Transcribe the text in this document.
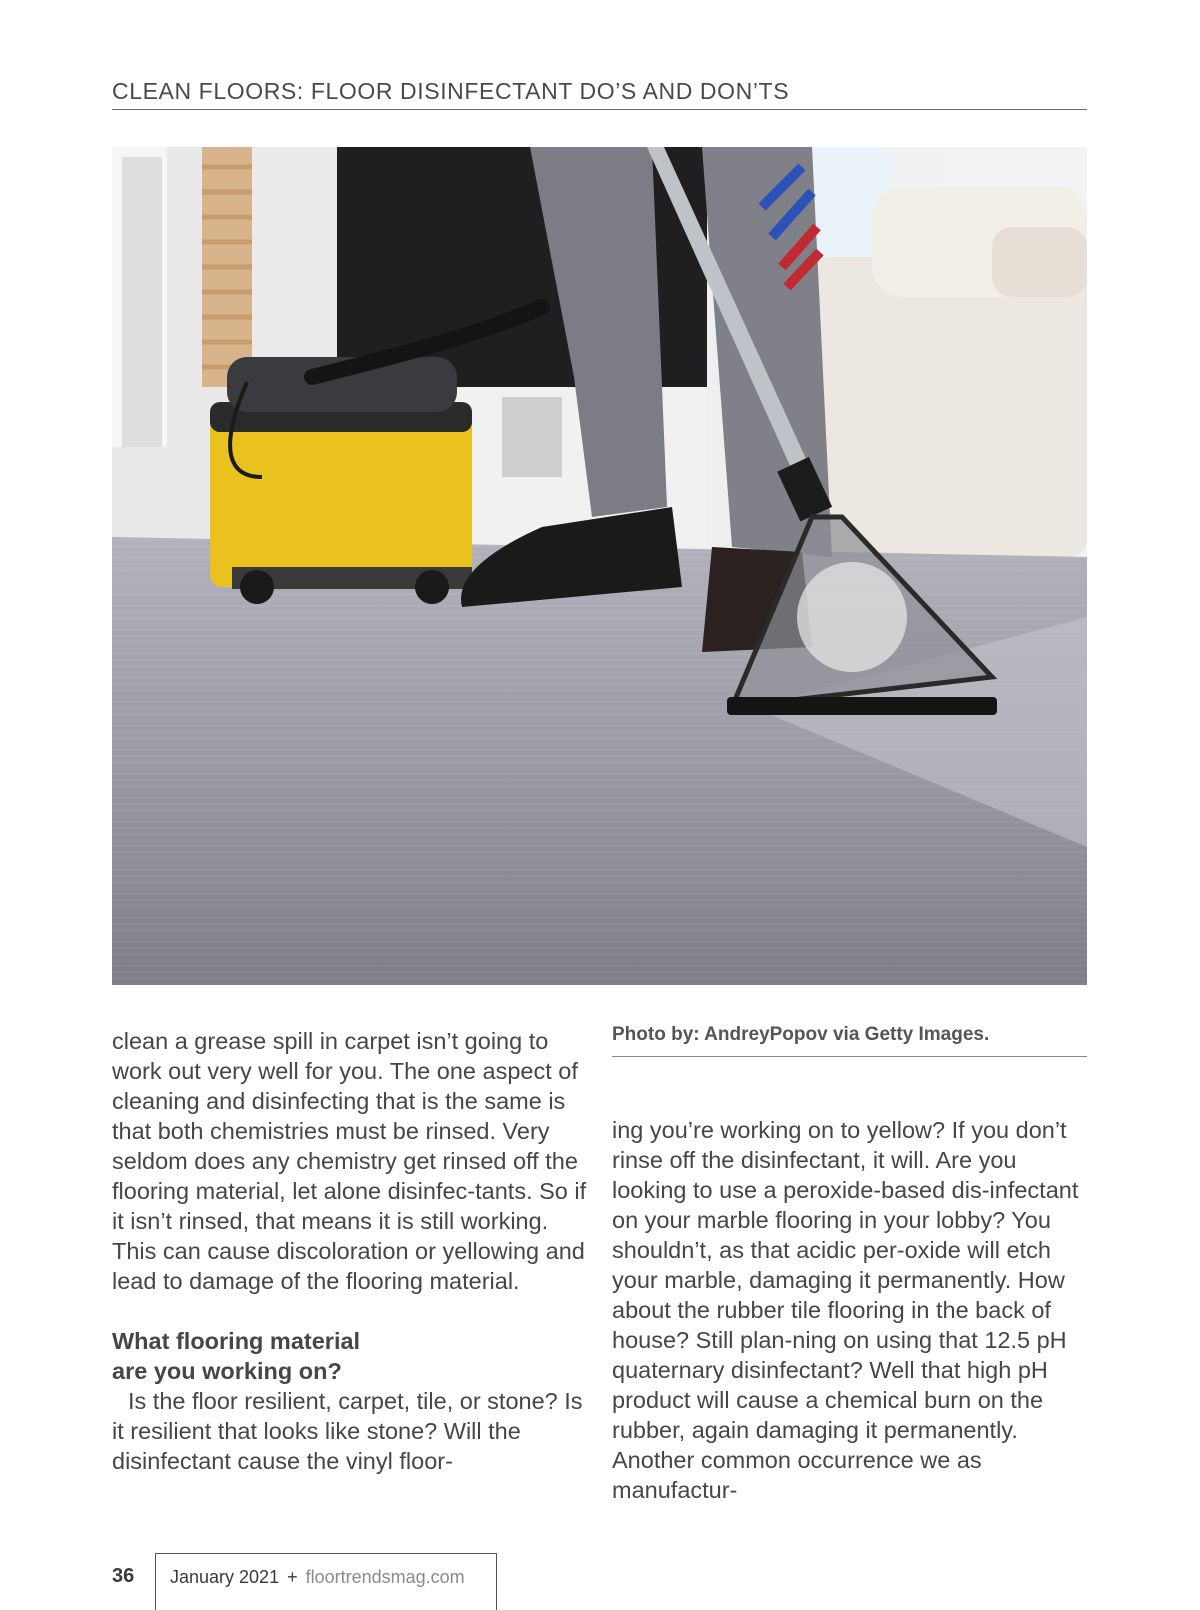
CLEAN FLOORS: FLOOR DISINFECTANT DO’S AND DON’TS

clean a grease spill in carpet isn’t going to work out very well for you. The one aspect of cleaning and disinfecting that is the same is that both chemistries must be rinsed. Very seldom does any chemistry get rinsed off the flooring material, let alone disinfec-tants. So if it isn’t rinsed, that means it is still working. This can cause discoloration or yellowing and lead to damage of the flooring material.

What flooring material
are you working on?

Is the floor resilient, carpet, tile, or stone? Is it resilient that looks like stone? Will the disinfectant cause the vinyl floor-

Photo by: AndreyPopov via Getty Images.

ing you’re working on to yellow? If you don’t rinse off the disinfectant, it will. Are you looking to use a peroxide-based dis-infectant on your marble flooring in your lobby? You shouldn’t, as that acidic per-oxide will etch your marble, damaging it permanently. How about the rubber tile flooring in the back of house? Still plan-ning on using that 12.5 pH quaternary disinfectant? Well that high pH product will cause a chemical burn on the rubber, again damaging it permanently. Another common occurrence we as manufactur-

36	January 2021 + floortrendsmag.com
